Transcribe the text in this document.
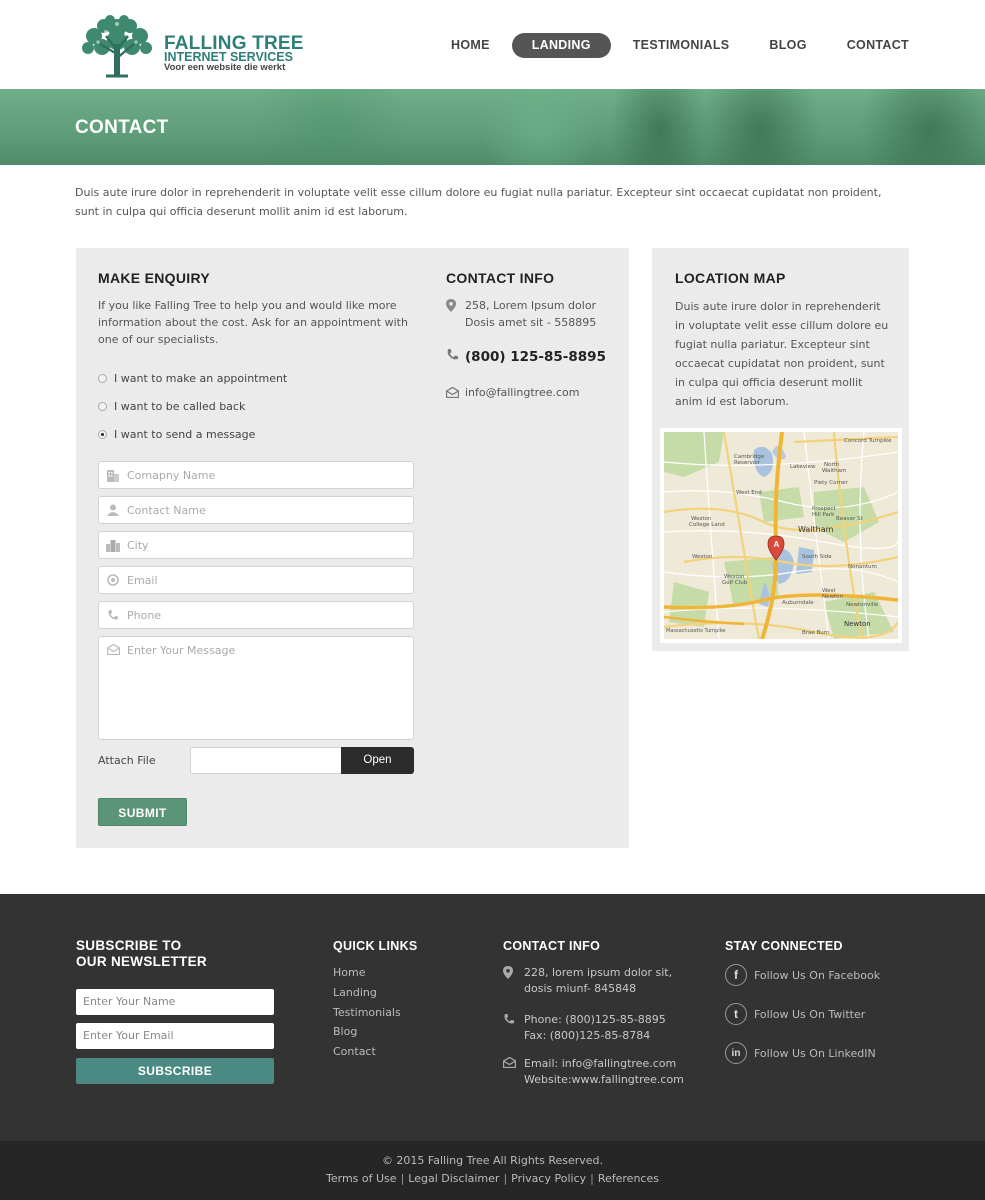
FALLING TREE
INTERNET SERVICES
Voor een website die werkt
HOME	LANDING	TESTIMONIALS	BLOG	CONTACT
CONTACT
Duis aute irure dolor in reprehenderit in voluptate velit esse cillum dolore eu fugiat nulla pariatur. Excepteur sint occaecat cupidatat non proident, sunt in culpa qui officia deserunt mollit anim id est laborum.
MAKE ENQUIRY
If you like Falling Tree to help you and would like more information about the cost. Ask for an appointment with one of our specialists.
I want to make an appointment
I want to be called back
I want to send a message
Comapny Name
Contact Name
City
Email
Phone
Enter Your Message
Attach File	Open
SUBMIT
CONTACT INFO
258, Lorem Ipsum dolor
Dosis amet sit - 558895
(800) 125-85-8895
info@fallingtree.com
LOCATION MAP
Duis aute irure dolor in reprehenderit in voluptate velit esse cillum dolore eu fugiat nulla pariatur. Excepteur sint occaecat cupidatat non proident, sunt in culpa qui officia deserunt mollit anim id est laborum.
Concord Turnpike
Cambridge
Reservoir
Lakeview North
Waltham
Piety Corner
West End
Prospect
Hill Park
Weston
College Land	Waltham
Beaver St
South Side
Weston
Nonantum
Weston
Golf Club
West
Newton
Auburndale	Newtonville
Newton
Brae Burn
Massachusetts Turnpike
A
SUBSCRIBE TO
OUR NEWSLETTER
Enter Your Name
Enter Your Email
SUBSCRIBE
QUICK LINKS
Home
Landing
Testimonials
Blog
Contact
CONTACT INFO
228, lorem ipsum dolor sit,
dosis miunf- 845848
Phone: (800)125-85-8895
Fax: (800)125-85-8784
Email: info@fallingtree.com
Website:www.fallingtree.com
STAY CONNECTED
f	Follow Us On Facebook
t	Follow Us On Twitter
in	Follow Us On LinkedIN
© 2015 Falling Tree All Rights Reserved.
Terms of Use | Legal Disclaimer | Privacy Policy | References
